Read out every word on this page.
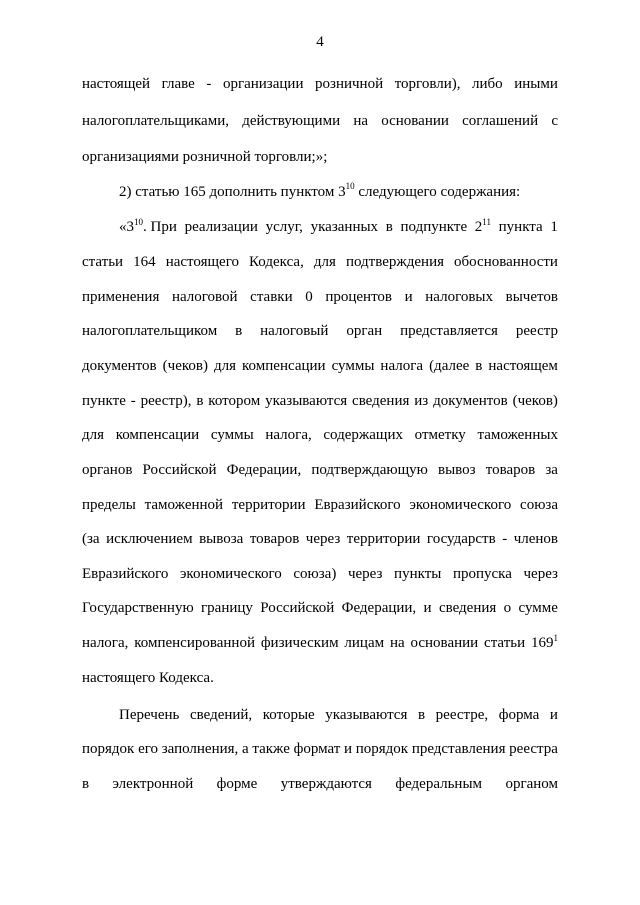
4
настоящей главе - организации розничной торговли), либо иными
налогоплательщиками, действующими на основании соглашений с
организациями розничной торговли;»;
2) статью 165 дополнить пунктом $3^{10}$ следующего содержания:
«$3^{10}$. При реализации услуг, указанных в подпункте $2^{11}$ пункта 1
статьи 164 настоящего Кодекса, для подтверждения обоснованности
применения налоговой ставки 0 процентов и налоговых вычетов
налогоплательщиком в налоговый орган представляется реестр
документов (чеков) для компенсации суммы налога (далее в настоящем
пункте - реестр), в котором указываются сведения из документов (чеков)
для компенсации суммы налога, содержащих отметку таможенных
органов Российской Федерации, подтверждающую вывоз товаров за
пределы таможенной территории Евразийского экономического союза
(за исключением вывоза товаров через территории государств - членов
Евразийского экономического союза) через пункты пропуска через
Государственную границу Российской Федерации, и сведения о сумме
налога, компенсированной физическим лицам на основании статьи $169^1$
настоящего Кодекса.
Перечень сведений, которые указываются в реестре, форма и
порядок его заполнения, а также формат и порядок представления реестра
в электронной форме утверждаются федеральным органом
